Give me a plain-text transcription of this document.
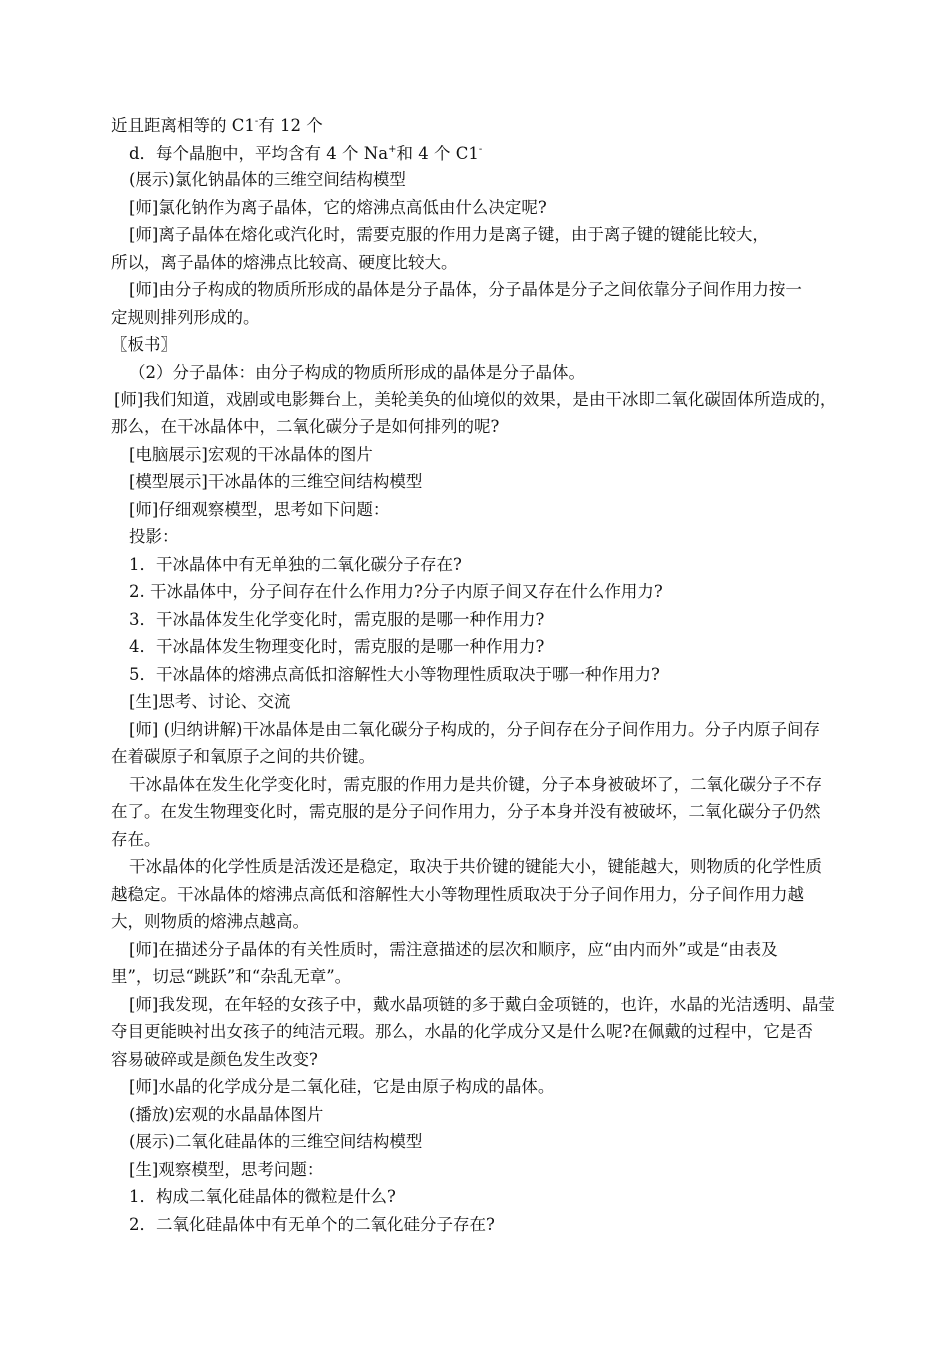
近且距离相等的 C1-有 12 个
d．每个晶胞中，平均含有 4 个 Na+和 4 个 C1-
(展示)氯化钠晶体的三维空间结构模型
[师]氯化钠作为离子晶体，它的熔沸点高低由什么决定呢?
[师]离子晶体在熔化或汽化时，需要克服的作用力是离子键，由于离子键的键能比较大，
所以，离子晶体的熔沸点比较高、硬度比较大。
[师]由分子构成的物质所形成的晶体是分子晶体，分子晶体是分子之间依靠分子间作用力按一
定规则排列形成的。
〖板书〗
（2）分子晶体：由分子构成的物质所形成的晶体是分子晶体。
[师]我们知道，戏剧或电影舞台上，美轮美奂的仙境似的效果，是由干冰即二氧化碳固体所造成的，
那么，在干冰晶体中，二氧化碳分子是如何排列的呢?
[电脑展示]宏观的干冰晶体的图片
[模型展示]干冰晶体的三维空间结构模型
[师]仔细观察模型，思考如下问题：
投影：
1．干冰晶体中有无单独的二氧化碳分子存在?
2. 干冰晶体中，分子间存在什么作用力?分子内原子间又存在什么作用力?
3．干冰晶体发生化学变化时，需克服的是哪一种作用力?
4．干冰晶体发生物理变化时，需克服的是哪一种作用力?
5．干冰晶体的熔沸点高低扣溶解性大小等物理性质取决于哪一种作用力?
[生]思考、讨论、交流
[师] (归纳讲解)干冰晶体是由二氧化碳分子构成的，分子间存在分子间作用力。分子内原子间存
在着碳原子和氧原子之间的共价键。
干冰晶体在发生化学变化时，需克服的作用力是共价键，分子本身被破坏了，二氧化碳分子不存
在了。在发生物理变化时，需克服的是分子问作用力，分子本身并没有被破坏，二氧化碳分子仍然
存在。
干冰晶体的化学性质是活泼还是稳定，取决于共价键的键能大小，键能越大，则物质的化学性质
越稳定。干冰晶体的熔沸点高低和溶解性大小等物理性质取决于分子间作用力，分子间作用力越
大，则物质的熔沸点越高。
[师]在描述分子晶体的有关性质时，需注意描述的层次和顺序，应“由内而外”或是“由表及
里”，切忌“跳跃”和“杂乱无章”。
[师]我发现，在年轻的女孩子中，戴水晶项链的多于戴白金项链的，也许，水晶的光洁透明、晶莹
夺目更能映衬出女孩子的纯洁元瑕。那么，水晶的化学成分又是什么呢?在佩戴的过程中，它是否
容易破碎或是颜色发生改变?
[师]水晶的化学成分是二氧化硅，它是由原子构成的晶体。
(播放)宏观的水晶晶体图片
(展示)二氧化硅晶体的三维空间结构模型
[生]观察模型，思考问题：
1．构成二氧化硅晶体的微粒是什么?
2．二氧化硅晶体中有无单个的二氧化硅分子存在?
